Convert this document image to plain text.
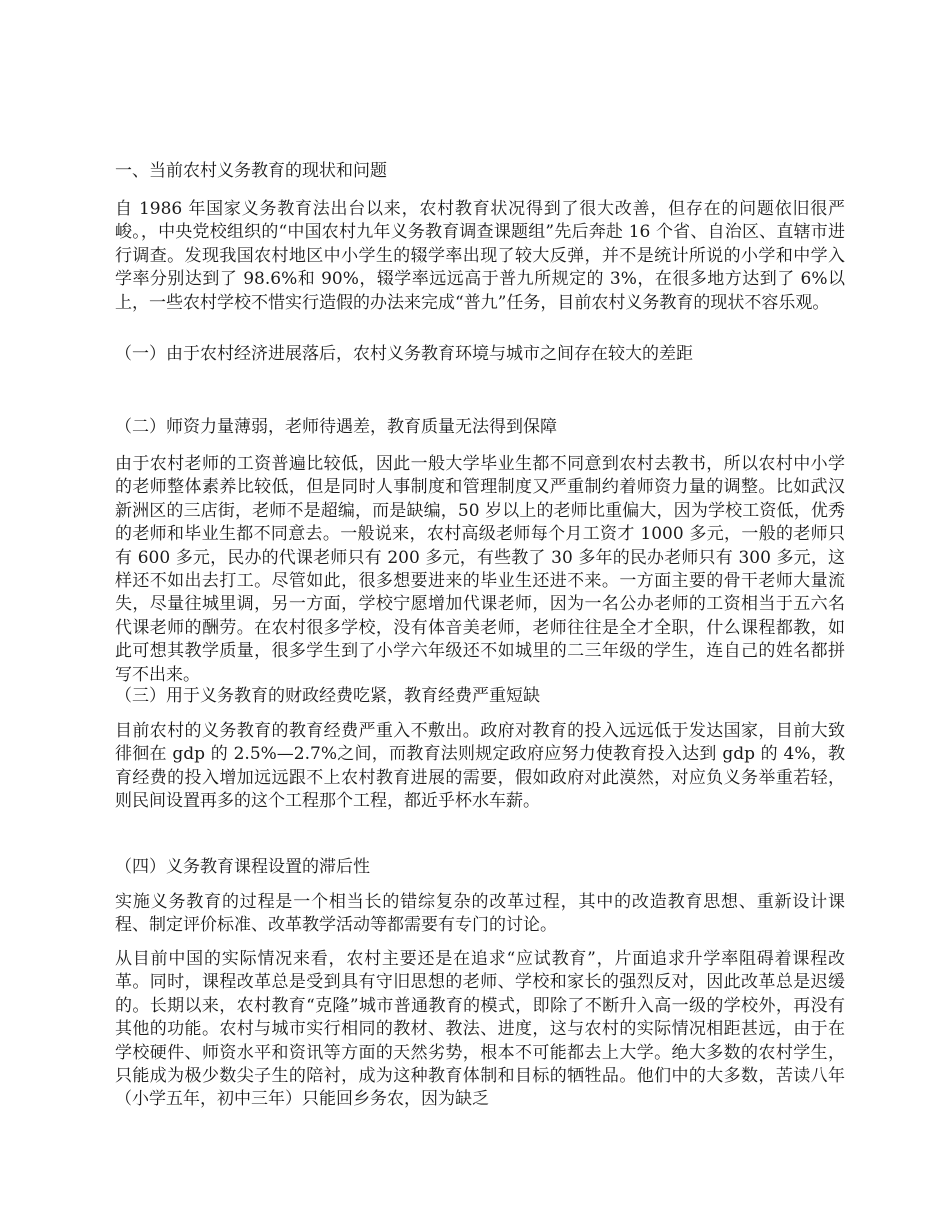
一、当前农村义务教育的现状和问题

自 1986 年国家义务教育法出台以来，农村教育状况得到了很大改善，但存在的问题依旧很严峻。，中央党校组织的“中国农村九年义务教育调查课题组”先后奔赴 16 个省、自治区、直辖市进行调查。发现我国农村地区中小学生的辍学率出现了较大反弹，并不是统计所说的小学和中学入学率分别达到了 98.6%和 90%，辍学率远远高于普九所规定的 3%，在很多地方达到了 6%以上，一些农村学校不惜实行造假的办法来完成“普九”任务，目前农村义务教育的现状不容乐观。

（一）由于农村经济进展落后，农村义务教育环境与城市之间存在较大的差距

（二）师资力量薄弱，老师待遇差，教育质量无法得到保障

由于农村老师的工资普遍比较低，因此一般大学毕业生都不同意到农村去教书，所以农村中小学的老师整体素养比较低，但是同时人事制度和管理制度又严重制约着师资力量的调整。比如武汉新洲区的三店街，老师不是超编，而是缺编，50 岁以上的老师比重偏大，因为学校工资低，优秀的老师和毕业生都不同意去。一般说来，农村高级老师每个月工资才 1000 多元，一般的老师只有 600 多元，民办的代课老师只有 200 多元，有些教了 30 多年的民办老师只有 300 多元，这样还不如出去打工。尽管如此，很多想要进来的毕业生还进不来。一方面主要的骨干老师大量流失，尽量往城里调，另一方面，学校宁愿增加代课老师，因为一名公办老师的工资相当于五六名代课老师的酬劳。在农村很多学校，没有体音美老师，老师往往是全才全职，什么课程都教，如此可想其教学质量，很多学生到了小学六年级还不如城里的二三年级的学生，连自己的姓名都拼写不出来。

（三）用于义务教育的财政经费吃紧，教育经费严重短缺

目前农村的义务教育的教育经费严重入不敷出。政府对教育的投入远远低于发达国家，目前大致徘徊在 gdp 的 2.5%—2.7%之间，而教育法则规定政府应努力使教育投入达到 gdp 的 4%，教育经费的投入增加远远跟不上农村教育进展的需要，假如政府对此漠然，对应负义务举重若轻，则民间设置再多的这个工程那个工程，都近乎杯水车薪。

（四）义务教育课程设置的滞后性

实施义务教育的过程是一个相当长的错综复杂的改革过程，其中的改造教育思想、重新设计课程、制定评价标准、改革教学活动等都需要有专门的讨论。

从目前中国的实际情况来看，农村主要还是在追求“应试教育”，片面追求升学率阻碍着课程改革。同时，课程改革总是受到具有守旧思想的老师、学校和家长的强烈反对，因此改革总是迟缓的。长期以来，农村教育“克隆”城市普通教育的模式，即除了不断升入高一级的学校外，再没有其他的功能。农村与城市实行相同的教材、教法、进度，这与农村的实际情况相距甚远，由于在学校硬件、师资水平和资讯等方面的天然劣势，根本不可能都去上大学。绝大多数的农村学生，只能成为极少数尖子生的陪衬，成为这种教育体制和目标的牺牲品。他们中的大多数，苦读八年（小学五年，初中三年）只能回乡务农，因为缺乏
